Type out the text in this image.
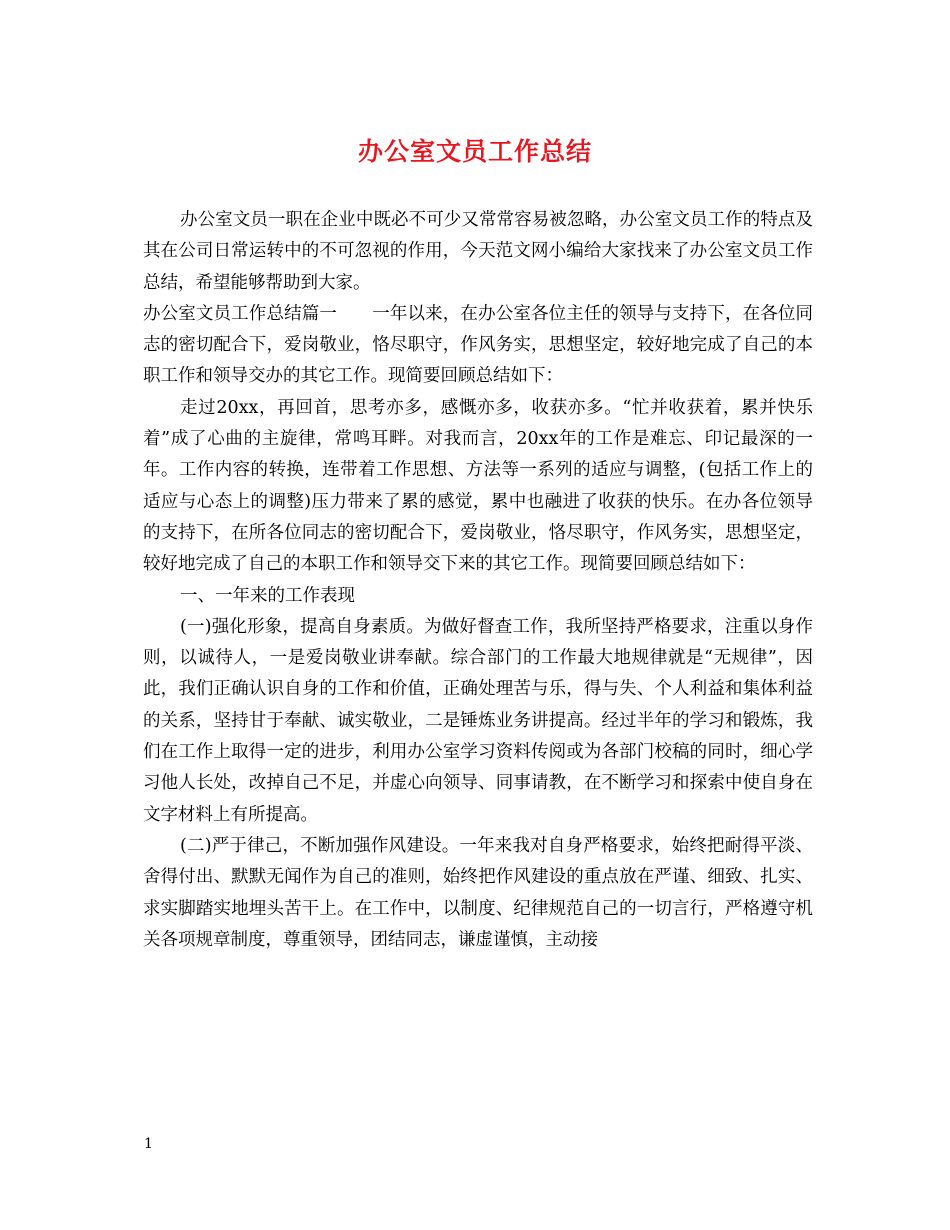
办公室文员工作总结

办公室文员一职在企业中既必不可少又常常容易被忽略，办公室文员工作的特点及其在公司日常运转中的不可忽视的作用，今天范文网小编给大家找来了办公室文员工作总结，希望能够帮助到大家。

办公室文员工作总结篇一　　一年以来，在办公室各位主任的领导与支持下，在各位同志的密切配合下，爱岗敬业，恪尽职守，作风务实，思想坚定，较好地完成了自己的本职工作和领导交办的其它工作。现简要回顾总结如下：

走过20xx，再回首，思考亦多，感慨亦多，收获亦多。“忙并收获着，累并快乐着”成了心曲的主旋律，常鸣耳畔。对我而言，20xx年的工作是难忘、印记最深的一年。工作内容的转换，连带着工作思想、方法等一系列的适应与调整，(包括工作上的适应与心态上的调整)压力带来了累的感觉，累中也融进了收获的快乐。在办各位领导的支持下，在所各位同志的密切配合下，爱岗敬业，恪尽职守，作风务实，思想坚定，较好地完成了自己的本职工作和领导交下来的其它工作。现简要回顾总结如下：

一、一年来的工作表现

(一)强化形象，提高自身素质。为做好督查工作，我所坚持严格要求，注重以身作则，以诚待人，一是爱岗敬业讲奉献。综合部门的工作最大地规律就是“无规律”，因此，我们正确认识自身的工作和价值，正确处理苦与乐，得与失、个人利益和集体利益的关系，坚持甘于奉献、诚实敬业，二是锤炼业务讲提高。经过半年的学习和锻炼，我们在工作上取得一定的进步，利用办公室学习资料传阅或为各部门校稿的同时，细心学习他人长处，改掉自己不足，并虚心向领导、同事请教，在不断学习和探索中使自身在文字材料上有所提高。

(二)严于律己，不断加强作风建设。一年来我对自身严格要求，始终把耐得平淡、舍得付出、默默无闻作为自己的准则，始终把作风建设的重点放在严谨、细致、扎实、求实脚踏实地埋头苦干上。在工作中，以制度、纪律规范自己的一切言行，严格遵守机关各项规章制度，尊重领导，团结同志，谦虚谨慎，主动接

1
